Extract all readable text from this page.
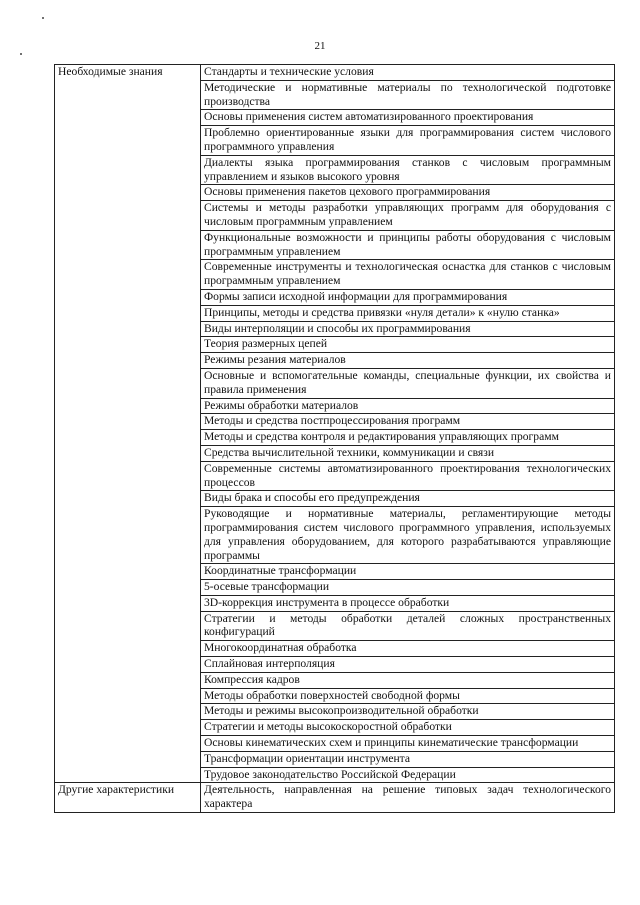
21
Необходимые знания	Стандарты и технические условия

	Методические и нормативные материалы по технологической подготовке производства

	Основы применения систем автоматизированного проектирования

	Проблемно ориентированные языки для программирования систем числового программного управления

	Диалекты языка программирования станков с числовым программным управлением и языков высокого уровня

	Основы применения пакетов цехового программирования

	Системы и методы разработки управляющих программ для оборудования с числовым программным управлением

	Функциональные возможности и принципы работы оборудования с числовым программным управлением

	Современные инструменты и технологическая оснастка для станков с числовым программным управлением

	Формы записи исходной информации для программирования

	Принципы, методы и средства привязки «нуля детали» к «нулю станка»

	Виды интерполяции и способы их программирования

	Теория размерных цепей

	Режимы резания материалов

	Основные и вспомогательные команды, специальные функции, их свойства и правила применения

	Режимы обработки материалов

	Методы и средства постпроцессирования программ

	Методы и средства контроля и редактирования управляющих программ

	Средства вычислительной техники, коммуникации и связи

	Современные системы автоматизированного проектирования технологических процессов

	Виды брака и способы его предупреждения

	Руководящие и нормативные материалы, регламентирующие методы программирования систем числового программного управления, используемых для управления оборудованием, для которого разрабатываются управляющие программы

	Координатные трансформации

	5-осевые трансформации

	3D-коррекция инструмента в процессе обработки

	Стратегии и методы обработки деталей сложных пространственных конфигураций

	Многокоординатная обработка

	Сплайновая интерполяция

	Компрессия кадров

	Методы обработки поверхностей свободной формы

	Методы и режимы высокопроизводительной обработки

	Стратегии и методы высокоскоростной обработки

	Основы кинематических схем и принципы кинематические трансформации

	Трансформации ориентации инструмента

	Трудовое законодательство Российской Федерации

Другие характеристики	Деятельность, направленная на решение типовых задач технологического характера
